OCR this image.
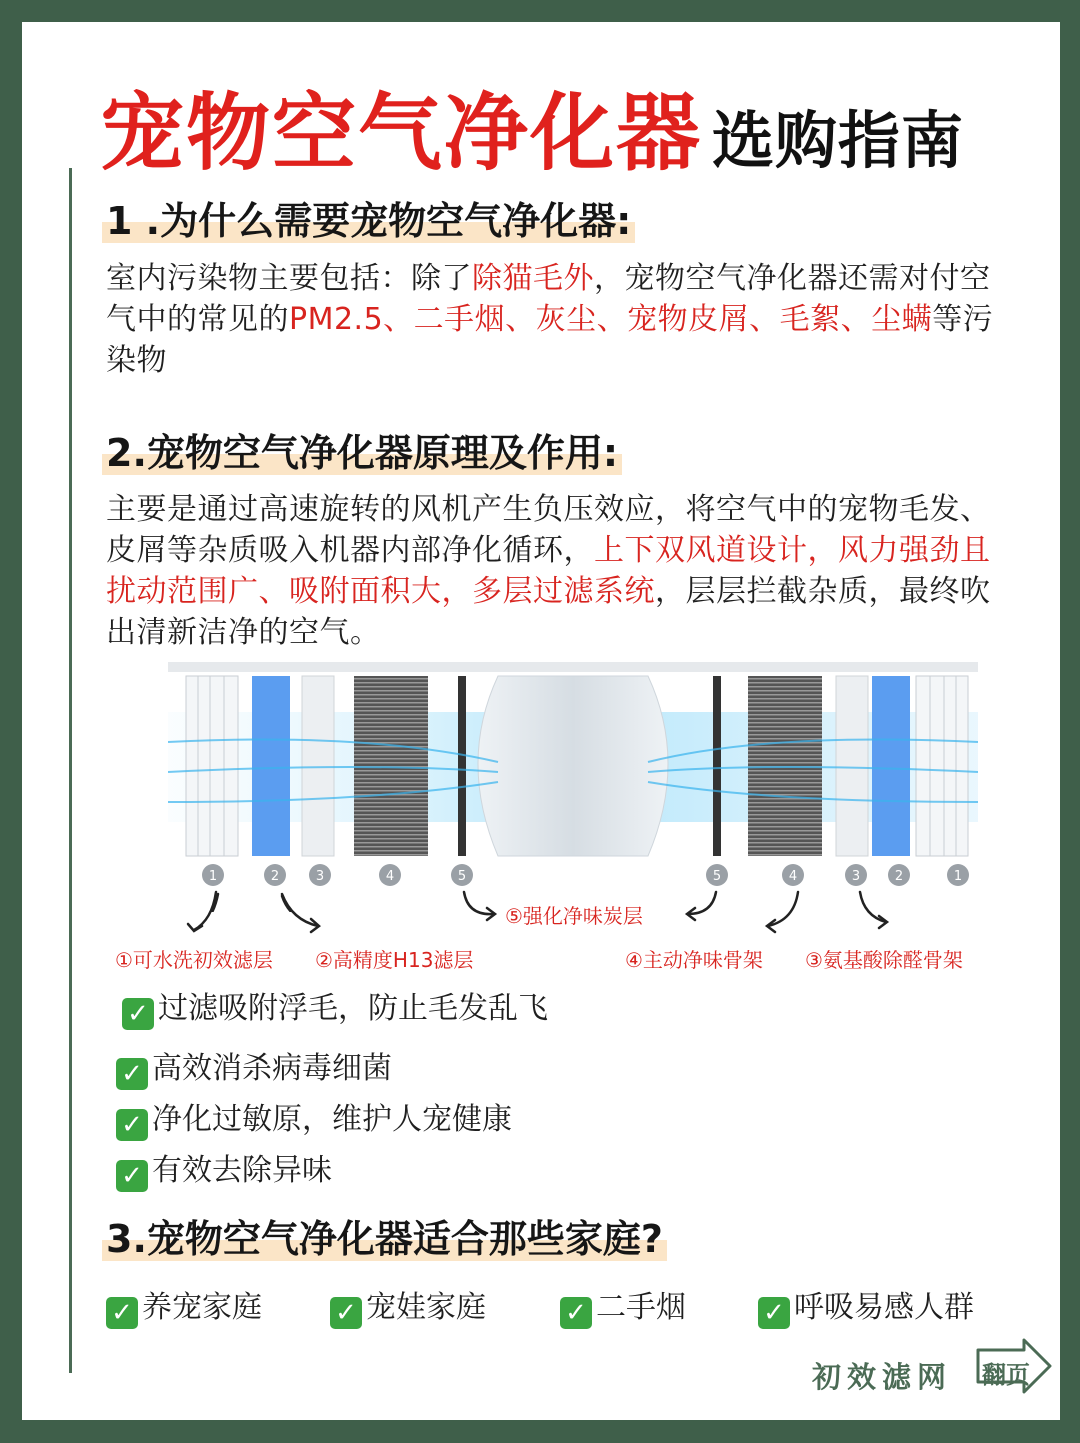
宠物空气净化器 选购指南
1 .为什么需要宠物空气净化器:
室内污染物主要包括：除了除猫毛外，宠物空气净化器还需对付空气中的常见的PM2.5、二手烟、灰尘、宠物皮屑、毛絮、尘螨等污染物
2.宠物空气净化器原理及作用:
主要是通过高速旋转的风机产生负压效应，将空气中的宠物毛发、皮屑等杂质吸入机器内部净化循环，上下双风道设计，风力强劲且扰动范围广、吸附面积大，多层过滤系统，层层拦截杂质，最终吹出清新洁净的空气。
1	2	3	4	5	5	4	3	2	1
⑤强化净味炭层
①可水洗初效滤层 ②高精度H13滤层	④主动净味骨架 ③氨基酸除醛骨架
✓ 过滤吸附浮毛，防止毛发乱飞
✓ 高效消杀病毒细菌
✓ 净化过敏原，维护人宠健康
✓ 有效去除异味
3.宠物空气净化器适合那些家庭?
✓ 养宠家庭	✓ 宠娃家庭	✓ 二手烟	✓ 呼吸易感人群
初效滤网 翻页
